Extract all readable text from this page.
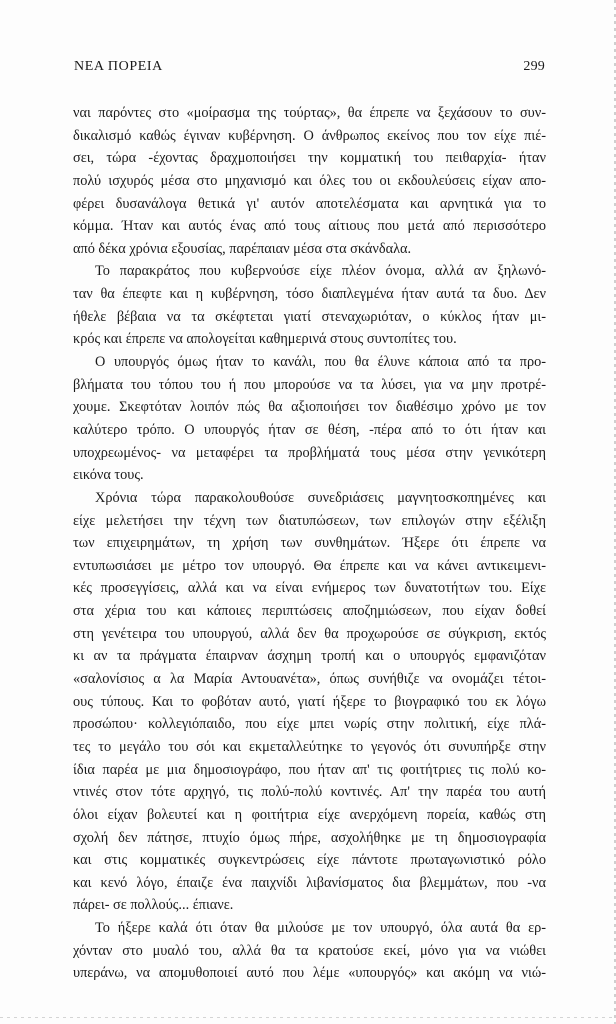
ΝΕΑ ΠΟΡΕΙΑ	299
ναι παρόντες στο «μοίρασμα της τούρτας», θα έπρεπε να ξεχάσουν το συν-
δικαλισμό καθώς έγιναν κυβέρνηση. Ο άνθρωπος εκείνος που τον είχε πιέ-
σει, τώρα -έχοντας δραχμοποιήσει την κομματική του πειθαρχία- ήταν
πολύ ισχυρός μέσα στο μηχανισμό και όλες του οι εκδουλεύσεις είχαν απο-
φέρει δυσανάλογα θετικά γι' αυτόν αποτελέσματα και αρνητικά για το
κόμμα. Ήταν και αυτός ένας από τους αίτιους που μετά από περισσότερο
από δέκα χρόνια εξουσίας, παρέπαιαν μέσα στα σκάνδαλα.
Το παρακράτος που κυβερνούσε είχε πλέον όνομα, αλλά αν ξηλωνό-
ταν θα έπεφτε και η κυβέρνηση, τόσο διαπλεγμένα ήταν αυτά τα δυο. Δεν
ήθελε βέβαια να τα σκέφτεται γιατί στεναχωριόταν, ο κύκλος ήταν μι-
κρός και έπρεπε να απολογείται καθημερινά στους συντοπίτες του.
Ο υπουργός όμως ήταν το κανάλι, που θα έλυνε κάποια από τα προ-
βλήματα του τόπου του ή που μπορούσε να τα λύσει, για να μην προτρέ-
χουμε. Σκεφτόταν λοιπόν πώς θα αξιοποιήσει τον διαθέσιμο χρόνο με τον
καλύτερο τρόπο. Ο υπουργός ήταν σε θέση, -πέρα από το ότι ήταν και
υποχρεωμένος- να μεταφέρει τα προβλήματά τους μέσα στην γενικότερη
εικόνα τους.
Χρόνια τώρα παρακολουθούσε συνεδριάσεις μαγνητοσκοπημένες και
είχε μελετήσει την τέχνη των διατυπώσεων, των επιλογών στην εξέλιξη
των επιχειρημάτων, τη χρήση των συνθημάτων. Ήξερε ότι έπρεπε να
εντυπωσιάσει με μέτρο τον υπουργό. Θα έπρεπε και να κάνει αντικειμενι-
κές προσεγγίσεις, αλλά και να είναι ενήμερος των δυνατοτήτων του. Είχε
στα χέρια του και κάποιες περιπτώσεις αποζημιώσεων, που είχαν δοθεί
στη γενέτειρα του υπουργού, αλλά δεν θα προχωρούσε σε σύγκριση, εκτός
κι αν τα πράγματα έπαιρναν άσχημη τροπή και ο υπουργός εμφανιζόταν
«σαλονίσιος α λα Μαρία Αντουανέτα», όπως συνήθιζε να ονομάζει τέτοι-
ους τύπους. Και το φοβόταν αυτό, γιατί ήξερε το βιογραφικό του εκ λόγω
προσώπου· κολλεγιόπαιδο, που είχε μπει νωρίς στην πολιτική, είχε πλά-
τες το μεγάλο του σόι και εκμεταλλεύτηκε το γεγονός ότι συνυπήρξε στην
ίδια παρέα με μια δημοσιογράφο, που ήταν απ' τις φοιτήτριες τις πολύ κο-
ντινές στον τότε αρχηγό, τις πολύ-πολύ κοντινές. Απ' την παρέα του αυτή
όλοι είχαν βολευτεί και η φοιτήτρια είχε ανερχόμενη πορεία, καθώς στη
σχολή δεν πάτησε, πτυχίο όμως πήρε, ασχολήθηκε με τη δημοσιογραφία
και στις κομματικές συγκεντρώσεις είχε πάντοτε πρωταγωνιστικό ρόλο
και κενό λόγο, έπαιζε ένα παιχνίδι λιβανίσματος δια βλεμμάτων, που -να
πάρει- σε πολλούς... έπιανε.
Το ήξερε καλά ότι όταν θα μιλούσε με τον υπουργό, όλα αυτά θα ερ-
χόνταν στο μυαλό του, αλλά θα τα κρατούσε εκεί, μόνο για να νιώθει
υπεράνω, να απομυθοποιεί αυτό που λέμε «υπουργός» και ακόμη να νιώ-
